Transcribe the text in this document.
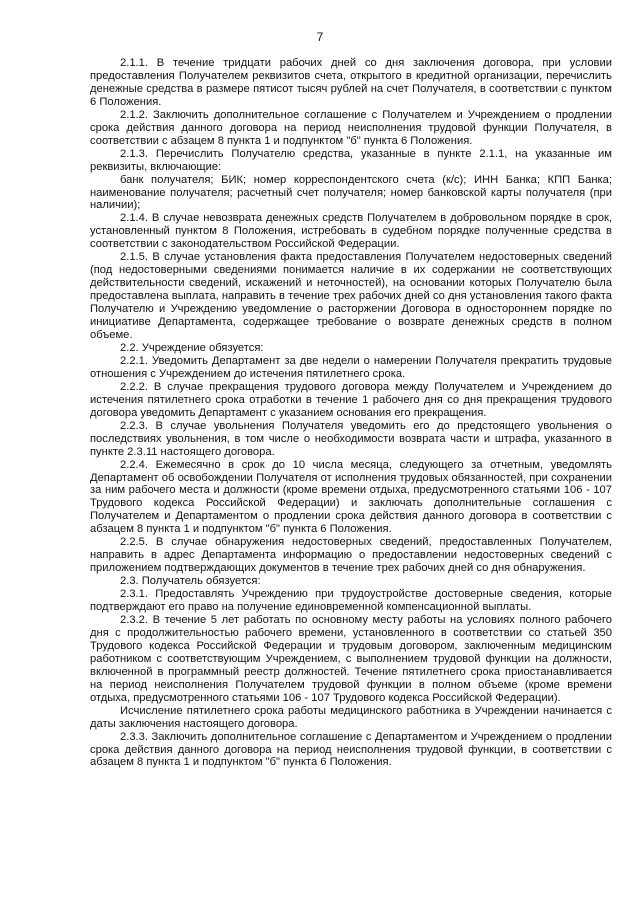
7

2.1.1. В течение тридцати рабочих дней со дня заключения договора, при условии предоставления Получателем реквизитов счета, открытого в кредитной организации, перечислить денежные средства в размере пятисот тысяч рублей на счет Получателя, в соответствии с пунктом 6 Положения.

2.1.2. Заключить дополнительное соглашение с Получателем и Учреждением о продлении срока действия данного договора на период неисполнения трудовой функции Получателя, в соответствии с абзацем 8 пункта 1 и подпунктом "б" пункта 6 Положения.

2.1.3. Перечислить Получателю средства, указанные в пункте 2.1.1, на указанные им реквизиты, включающие:

банк получателя; БИК; номер корреспондентского счета (к/с); ИНН Банка; КПП Банка; наименование получателя; расчетный счет получателя; номер банковской карты получателя (при наличии);

2.1.4. В случае невозврата денежных средств Получателем в добровольном порядке в срок, установленный пунктом 8 Положения, истребовать в судебном порядке полученные средства в соответствии с законодательством Российской Федерации.

2.1.5. В случае установления факта предоставления Получателем недостоверных сведений (под недостоверными сведениями понимается наличие в их содержании не соответствующих действительности сведений, искажений и неточностей), на основании которых Получателю была предоставлена выплата, направить в течение трех рабочих дней со дня установления такого факта Получателю и Учреждению уведомление о расторжении Договора в одностороннем порядке по инициативе Департамента, содержащее требование о возврате денежных средств в полном объеме.

2.2. Учреждение обязуется:

2.2.1. Уведомить Департамент за две недели о намерении Получателя прекратить трудовые отношения с Учреждением до истечения пятилетнего срока.

2.2.2. В случае прекращения трудового договора между Получателем и Учреждением до истечения пятилетнего срока отработки в течение 1 рабочего дня со дня прекращения трудового договора уведомить Департамент с указанием основания его прекращения.

2.2.3. В случае увольнения Получателя уведомить его до предстоящего увольнения о последствиях увольнения, в том числе о необходимости возврата части и штрафа, указанного в пункте 2.3.11 настоящего договора.

2.2.4. Ежемесячно в срок до 10 числа месяца, следующего за отчетным, уведомлять Департамент об освобождении Получателя от исполнения трудовых обязанностей, при сохранении за ним рабочего места и должности (кроме времени отдыха, предусмотренного статьями 106 - 107 Трудового кодекса Российской Федерации) и заключать дополнительные соглашения с Получателем и Департаментом о продлении срока действия данного договора в соответствии с абзацем 8 пункта 1 и подпунктом "б" пункта 6 Положения.

2.2.5. В случае обнаружения недостоверных сведений, предоставленных Получателем, направить в адрес Департамента информацию о предоставлении недостоверных сведений с приложением подтверждающих документов в течение трех рабочих дней со дня обнаружения.

2.3. Получатель обязуется:

2.3.1. Предоставлять Учреждению при трудоустройстве достоверные сведения, которые подтверждают его право на получение единовременной компенсационной выплаты.

2.3.2. В течение 5 лет работать по основному месту работы на условиях полного рабочего дня с продолжительностью рабочего времени, установленного в соответствии со статьей 350 Трудового кодекса Российской Федерации и трудовым договором, заключенным медицинским работником с соответствующим Учреждением, с выполнением трудовой функции на должности, включенной в программный реестр должностей. Течение пятилетнего срока приостанавливается на период неисполнения Получателем трудовой функции в полном объеме (кроме времени отдыха, предусмотренного статьями 106 - 107 Трудового кодекса Российской Федерации).

Исчисление пятилетнего срока работы медицинского работника в Учреждении начинается с даты заключения настоящего договора.

2.3.3. Заключить дополнительное соглашение с Департаментом и Учреждением о продлении срока действия данного договора на период неисполнения трудовой функции, в соответствии с абзацем 8 пункта 1 и подпунктом "б" пункта 6 Положения.
